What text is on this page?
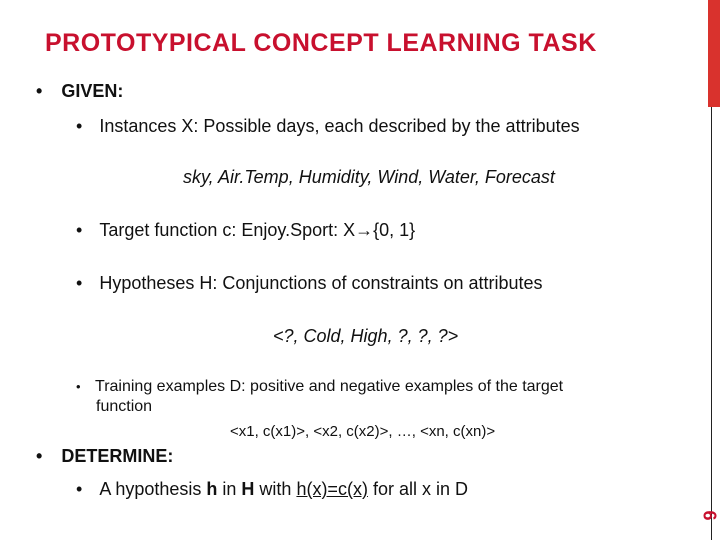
6
PROTOTYPICAL CONCEPT LEARNING TASK
• GIVEN:
• Instances X: Possible days, each described by the attributes
sky, Air.Temp, Humidity, Wind, Water, Forecast
• Target function c: Enjoy.Sport: X→{0, 1}
• Hypotheses H: Conjunctions of constraints on attributes
<?, Cold, High, ?, ?, ?>
• Training examples D: positive and negative examples of the target
function
<x1, c(x1)>, <x2, c(x2)>, …, <xn, c(xn)>
• DETERMINE:
• A hypothesis h in H with h(x)=c(x) for all x in D
